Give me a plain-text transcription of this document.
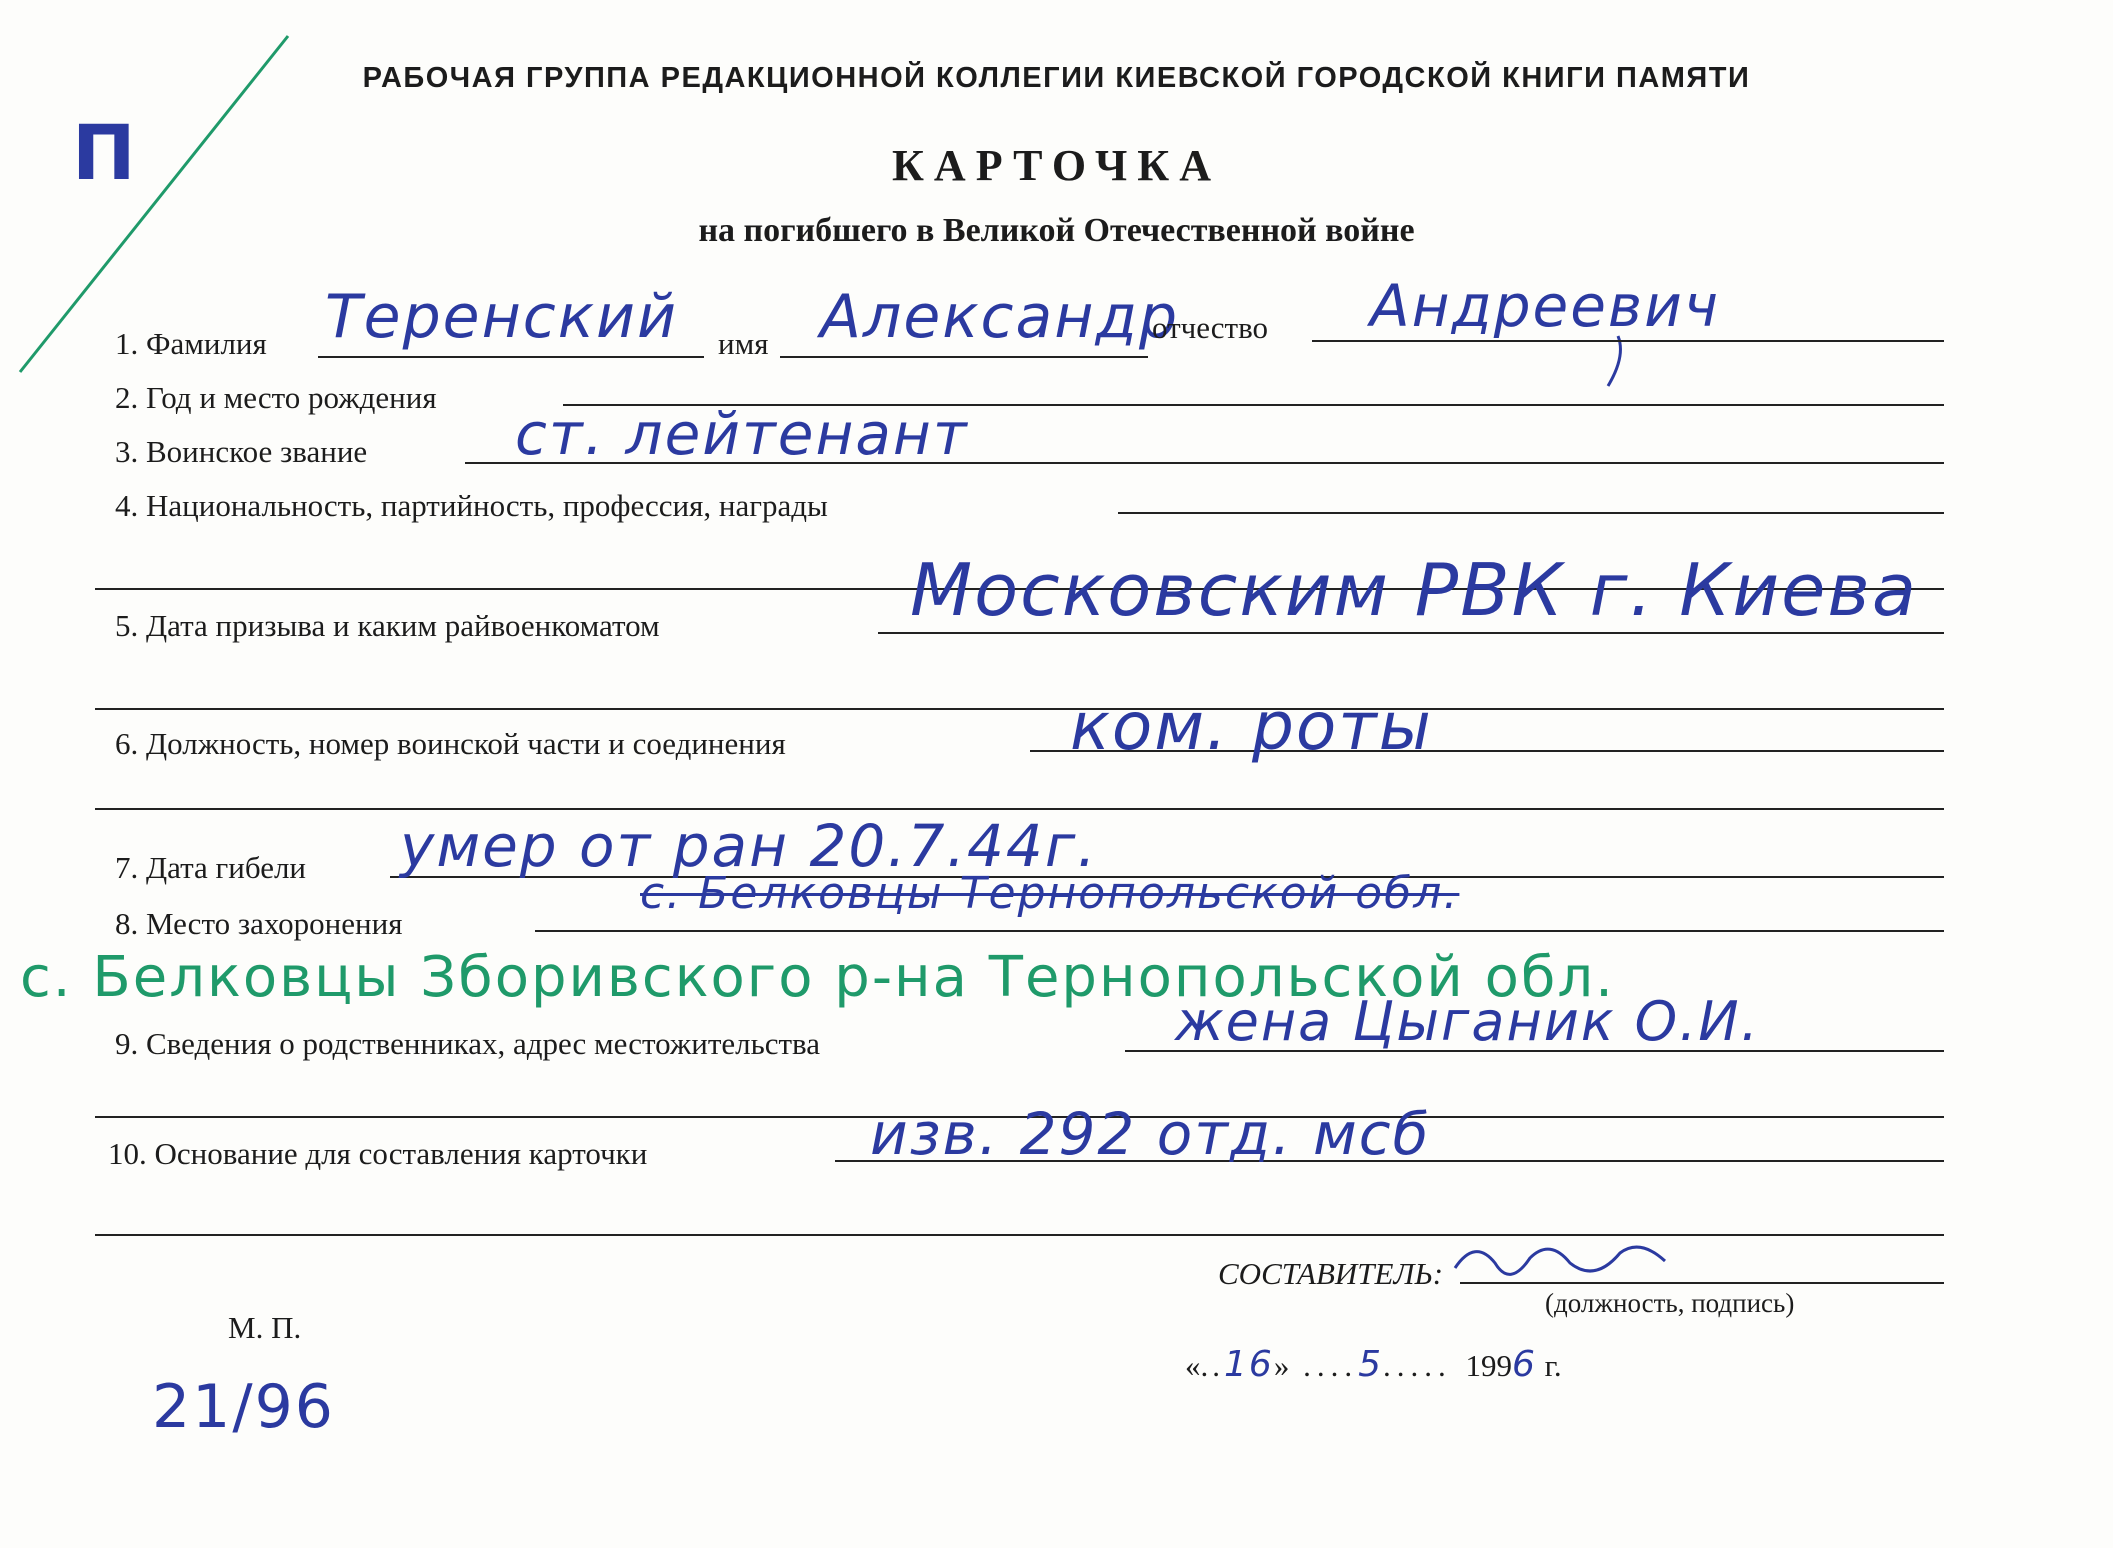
РАБОЧАЯ ГРУППА РЕДАКЦИОННОЙ КОЛЛЕГИИ КИЕВСКОЙ ГОРОДСКОЙ КНИГИ ПАМЯТИ
КАРТОЧКА
на погибшего в Великой Отечественной войне
П
1. Фамилия Теренский имя Александр
отчество Андреевич
2. Год и место рождения
3. Воинское звание	ст. лейтенант
4. Национальность, партийность, профессия, награды
5. Дата призыва и каким райвоенкоматом	Московским РВК г. Киева
6. Должность, номер воинской части и соединения	ком. роты
7. Дата гибели умер от ран 20.7.44г.
8. Место захоронения
с. Белковцы Тернопольской обл.
с. Белковцы Зборивского р-на Тернопольской обл.
9. Сведения о родственниках, адрес местожительства	жена Цыганик О.И.
10. Основание для составления карточки	изв. 292 отд. мсб
СОСТАВИТЕЛЬ:
(должность, подпись)
М. П.
21/96
«..16» ....5..... 1996 г.
